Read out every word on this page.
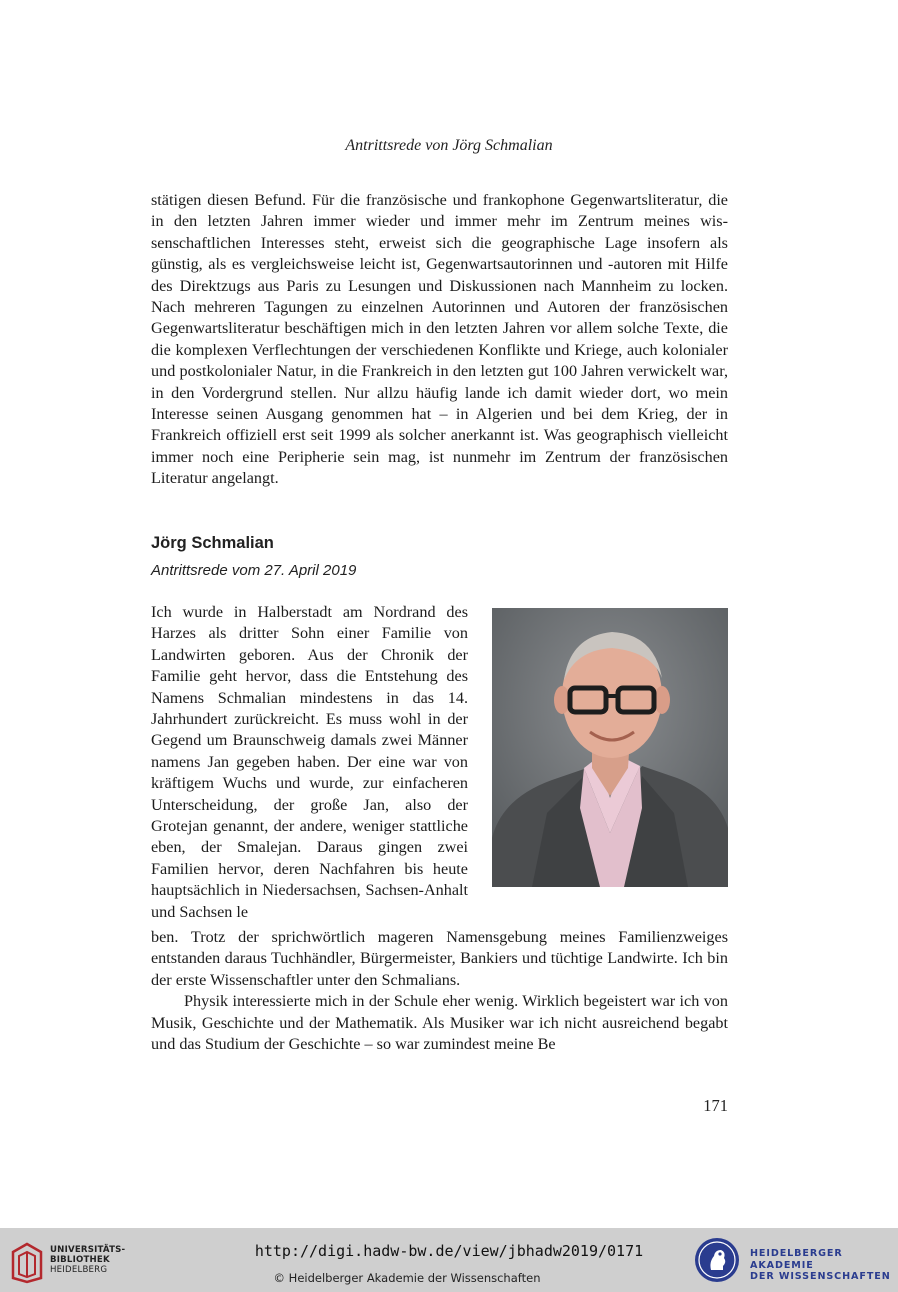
Antrittsrede von Jörg Schmalian
stätigen diesen Befund. Für die französische und frankophone Gegenwartsliteratur, die in den letzten Jahren immer wieder und immer mehr im Zentrum meines wissenschaftlichen Interesses steht, erweist sich die geographische Lage insofern als günstig, als es vergleichsweise leicht ist, Gegenwartsautorinnen und -autoren mit Hilfe des Direktzugs aus Paris zu Lesungen und Diskussionen nach Mannheim zu locken. Nach mehreren Tagungen zu einzelnen Autorinnen und Autoren der französischen Gegenwartsliteratur beschäftigen mich in den letzten Jahren vor allem solche Texte, die die komplexen Verflechtungen der verschiedenen Konflikte und Kriege, auch kolonialer und postkolonialer Natur, in die Frankreich in den letzten gut 100 Jahren verwickelt war, in den Vordergrund stellen. Nur allzu häufig lande ich damit wieder dort, wo mein Interesse seinen Ausgang genommen hat – in Algerien und bei dem Krieg, der in Frankreich offiziell erst seit 1999 als solcher anerkannt ist. Was geographisch vielleicht immer noch eine Peripherie sein mag, ist nunmehr im Zentrum der französischen Literatur angelangt.
Jörg Schmalian
Antrittsrede vom 27. April 2019
Ich wurde in Halberstadt am Nordrand des Harzes als dritter Sohn einer Familie von Landwirten geboren. Aus der Chronik der Familie geht hervor, dass die Entstehung des Namens Schmalian mindestens in das 14. Jahrhundert zurückreicht. Es muss wohl in der Gegend um Braunschweig damals zwei Männer namens Jan gegeben haben. Der eine war von kräftigem Wuchs und wurde, zur einfacheren Unterscheidung, der große Jan, also der Grotejan genannt, der andere, weniger stattliche eben, der Smalejan. Daraus gingen zwei Familien hervor, deren Nachfahren bis heute hauptsächlich in Niedersachsen, Sachsen-Anhalt und Sachsen le

ben. Trotz der sprichwörtlich mageren Namensgebung meines Familienzweiges entstanden daraus Tuchhändler, Bürgermeister, Bankiers und tüchtige Landwirte. Ich bin der erste Wissenschaftler unter den Schmalians.

Physik interessierte mich in der Schule eher wenig. Wirklich begeistert war ich von Musik, Geschichte und der Mathematik. Als Musiker war ich nicht ausreichend begabt und das Studium der Geschichte – so war zumindest meine Be

171
UNIVERSITÄTS-
BIBLIOTHEK
HEIDELBERG
http://digi.hadw-bw.de/view/jbhadw2019/0171
© Heidelberger Akademie der Wissenschaften
HEIDELBERGER AKADEMIE
DER WISSENSCHAFTEN
